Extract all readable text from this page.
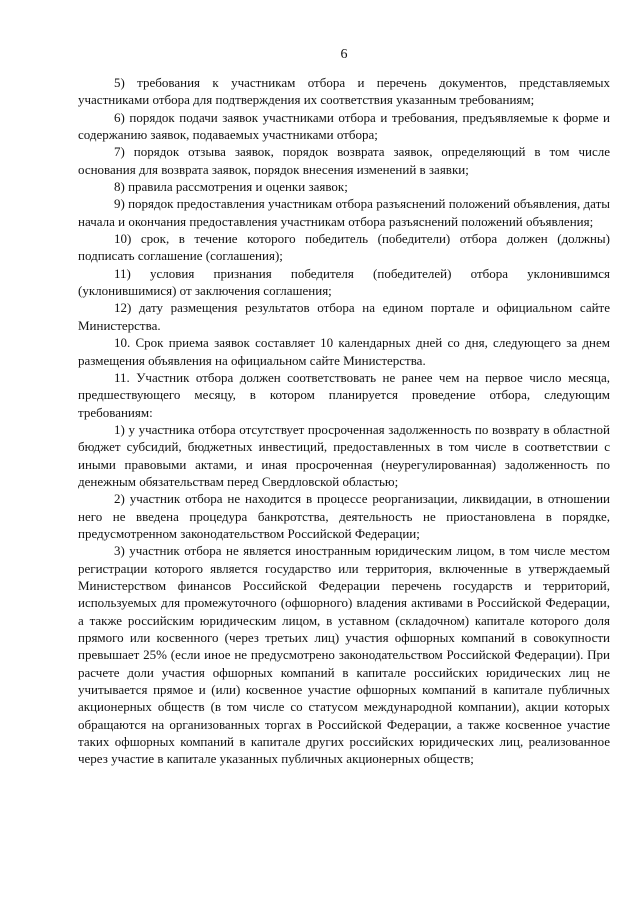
6

5) требования к участникам отбора и перечень документов, представляемых участниками отбора для подтверждения их соответствия указанным требованиям;

6) порядок подачи заявок участниками отбора и требования, предъявляемые к форме и содержанию заявок, подаваемых участниками отбора;

7) порядок отзыва заявок, порядок возврата заявок, определяющий в том числе основания для возврата заявок, порядок внесения изменений в заявки;

8) правила рассмотрения и оценки заявок;

9) порядок предоставления участникам отбора разъяснений положений объявления, даты начала и окончания предоставления участникам отбора разъяснений положений объявления;

10) срок, в течение которого победитель (победители) отбора должен (должны) подписать соглашение (соглашения);

11) условия признания победителя (победителей) отбора уклонившимся (уклонившимися) от заключения соглашения;

12) дату размещения результатов отбора на едином портале и официальном сайте Министерства.

10. Срок приема заявок составляет 10 календарных дней со дня, следующего за днем размещения объявления на официальном сайте Министерства.

11. Участник отбора должен соответствовать не ранее чем на первое число месяца, предшествующего месяцу, в котором планируется проведение отбора, следующим требованиям:

1) у участника отбора отсутствует просроченная задолженность по возврату в областной бюджет субсидий, бюджетных инвестиций, предоставленных в том числе в соответствии с иными правовыми актами, и иная просроченная (неурегулированная) задолженность по денежным обязательствам перед Свердловской областью;

2) участник отбора не находится в процессе реорганизации, ликвидации, в отношении него не введена процедура банкротства, деятельность не приостановлена в порядке, предусмотренном законодательством Российской Федерации;

3) участник отбора не является иностранным юридическим лицом, в том числе местом регистрации которого является государство или территория, включенные в утверждаемый Министерством финансов Российской Федерации перечень государств и территорий, используемых для промежуточного (офшорного) владения активами в Российской Федерации, а также российским юридическим лицом, в уставном (складочном) капитале которого доля прямого или косвенного (через третьих лиц) участия офшорных компаний в совокупности превышает 25% (если иное не предусмотрено законодательством Российской Федерации). При расчете доли участия офшорных компаний в капитале российских юридических лиц не учитывается прямое и (или) косвенное участие офшорных компаний в капитале публичных акционерных обществ (в том числе со статусом международной компании), акции которых обращаются на организованных торгах в Российской Федерации, а также косвенное участие таких офшорных компаний в капитале других российских юридических лиц, реализованное через участие в капитале указанных публичных акционерных обществ;
